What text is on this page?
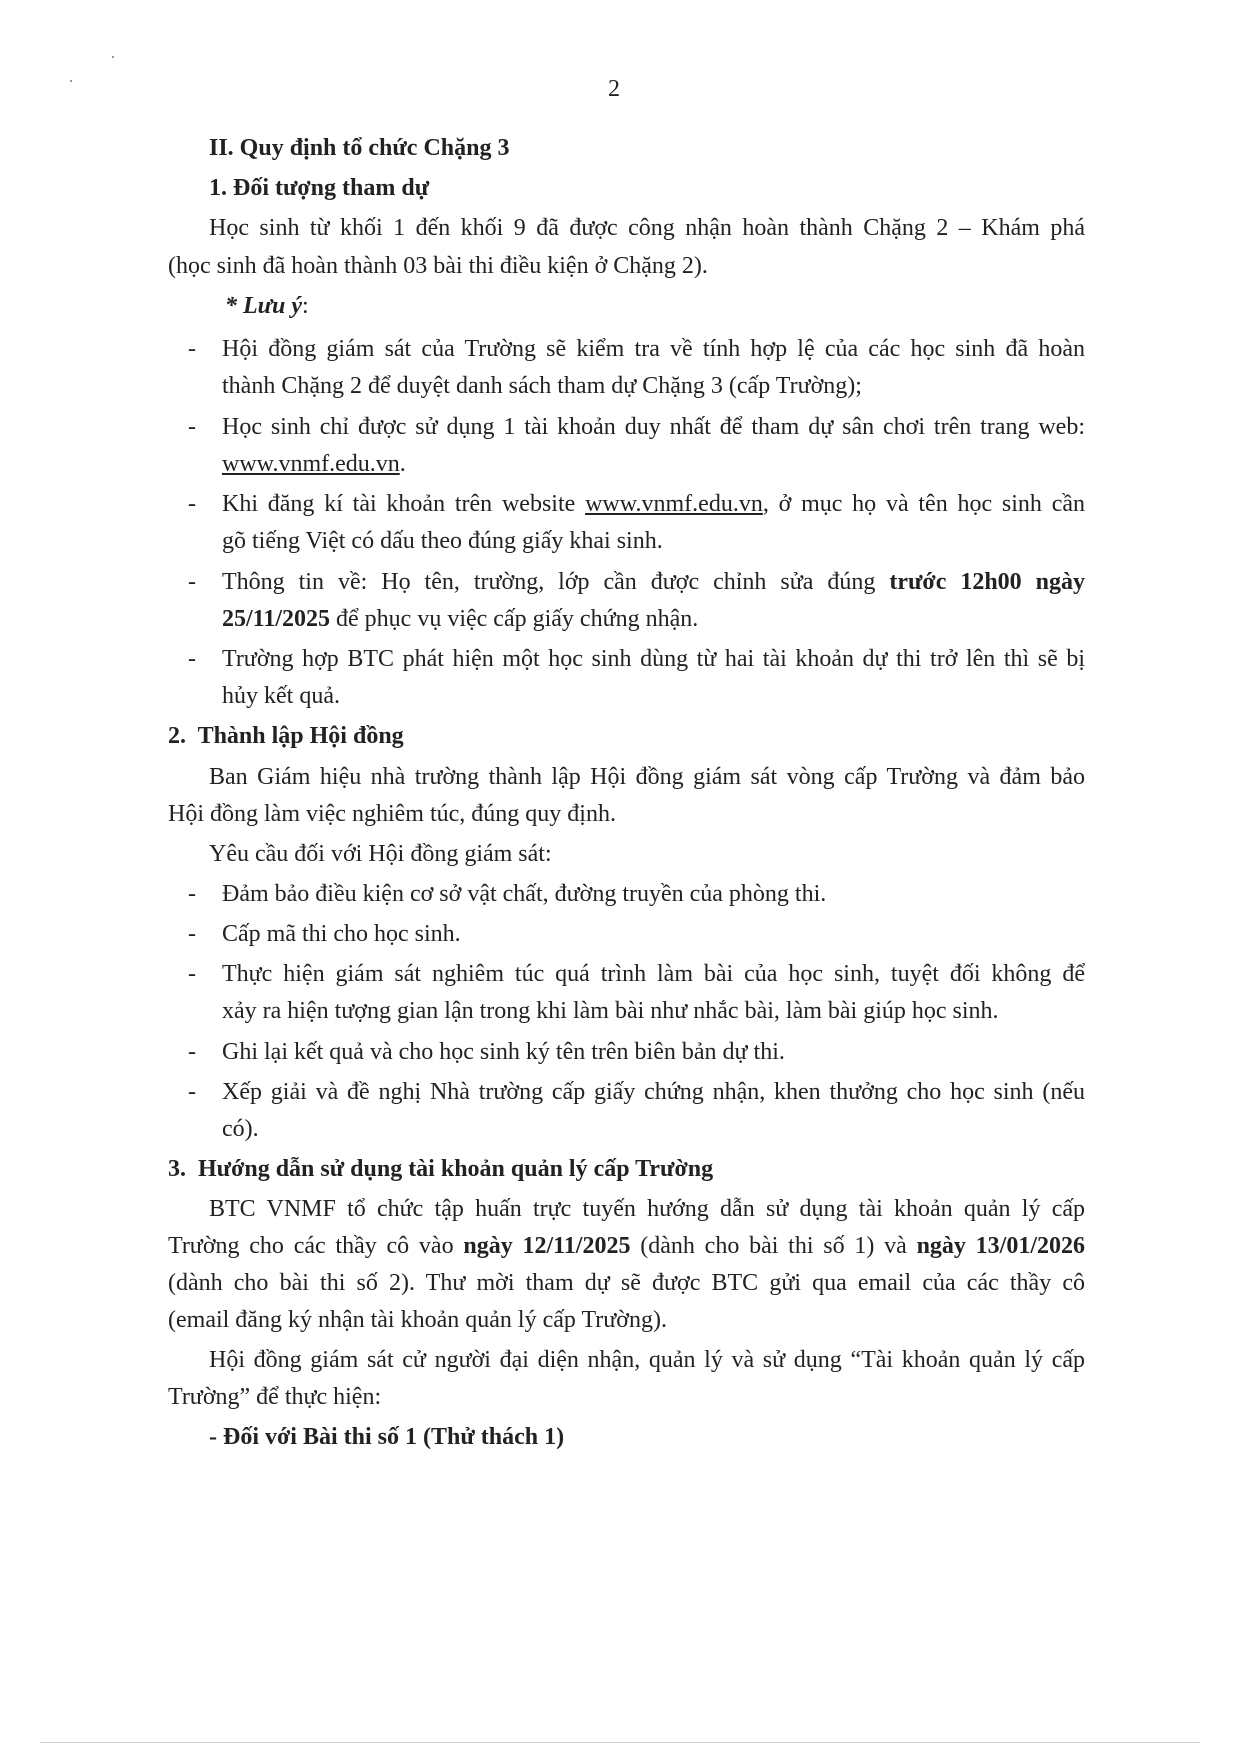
2
II. Quy định tổ chức Chặng 3
1. Đối tượng tham dự
Học sinh từ khối 1 đến khối 9 đã được công nhận hoàn thành Chặng 2 – Khám phá
(học sinh đã hoàn thành 03 bài thi điều kiện ở Chặng 2).
* Lưu ý:
- Hội đồng giám sát của Trường sẽ kiểm tra về tính hợp lệ của các học sinh đã hoàn
thành Chặng 2 để duyệt danh sách tham dự Chặng 3 (cấp Trường);
- Học sinh chỉ được sử dụng 1 tài khoản duy nhất để tham dự sân chơi trên trang web:
www.vnmf.edu.vn.
- Khi đăng kí tài khoản trên website www.vnmf.edu.vn, ở mục họ và tên học sinh cần
gõ tiếng Việt có dấu theo đúng giấy khai sinh.
- Thông tin về: Họ tên, trường, lớp cần được chỉnh sửa đúng trước 12h00 ngày
25/11/2025 để phục vụ việc cấp giấy chứng nhận.
- Trường hợp BTC phát hiện một học sinh dùng từ hai tài khoản dự thi trở lên thì sẽ bị
hủy kết quả.
2.  Thành lập Hội đồng
Ban Giám hiệu nhà trường thành lập Hội đồng giám sát vòng cấp Trường và đảm bảo
Hội đồng làm việc nghiêm túc, đúng quy định.
Yêu cầu đối với Hội đồng giám sát:
- Đảm bảo điều kiện cơ sở vật chất, đường truyền của phòng thi.
- Cấp mã thi cho học sinh.
- Thực hiện giám sát nghiêm túc quá trình làm bài của học sinh, tuyệt đối không để
xảy ra hiện tượng gian lận trong khi làm bài như nhắc bài, làm bài giúp học sinh.
- Ghi lại kết quả và cho học sinh ký tên trên biên bản dự thi.
- Xếp giải và đề nghị Nhà trường cấp giấy chứng nhận, khen thưởng cho học sinh (nếu
có).
3.  Hướng dẫn sử dụng tài khoản quản lý cấp Trường
BTC VNMF tổ chức tập huấn trực tuyến hướng dẫn sử dụng tài khoản quản lý cấp
Trường cho các thầy cô vào ngày 12/11/2025 (dành cho bài thi số 1) và ngày 13/01/2026
(dành cho bài thi số 2). Thư mời tham dự sẽ được BTC gửi qua email của các thầy cô
(email đăng ký nhận tài khoản quản lý cấp Trường).
Hội đồng giám sát cử người đại diện nhận, quản lý và sử dụng “Tài khoản quản lý cấp
Trường” để thực hiện:
- Đối với Bài thi số 1 (Thử thách 1)
